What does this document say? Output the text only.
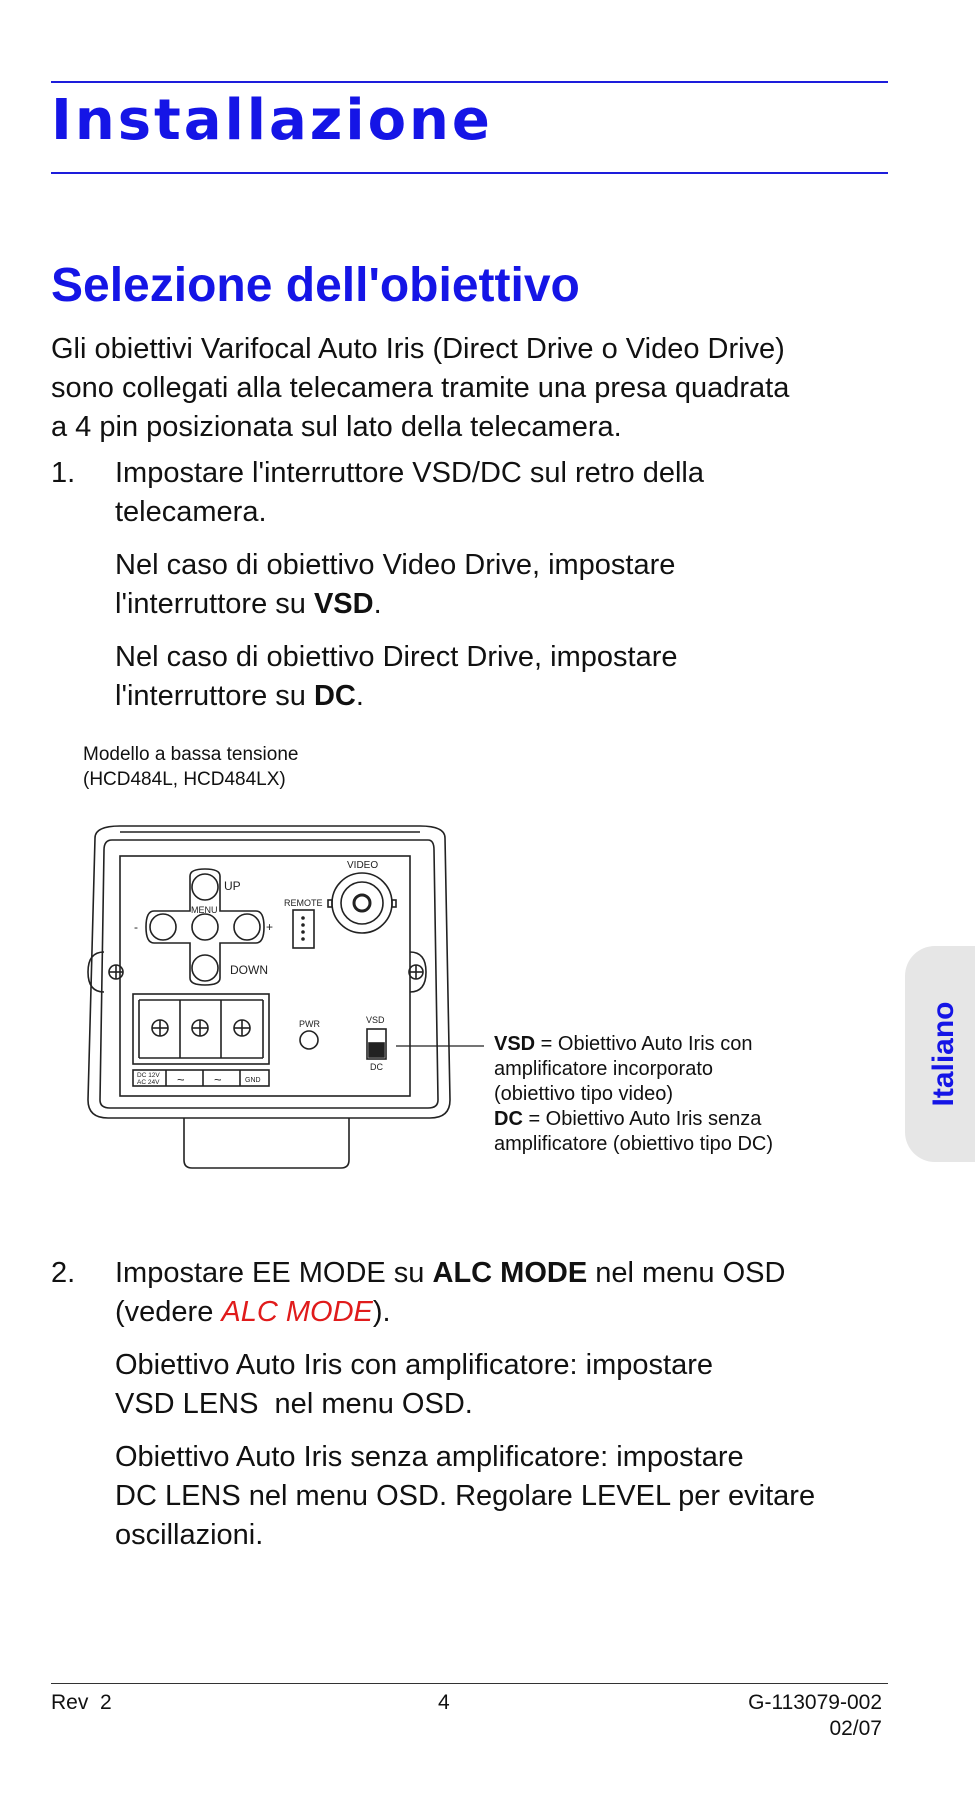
Installazione
Selezione dell'obiettivo
Gli obiettivi Varifocal Auto Iris (Direct Drive o Video Drive)
sono collegati alla telecamera tramite una presa quadrata
a 4 pin posizionata sul lato della telecamera.
1. Impostare l'interruttore VSD/DC sul retro della
telecamera.
Nel caso di obiettivo Video Drive, impostare
l'interruttore su VSD.
Nel caso di obiettivo Direct Drive, impostare
l'interruttore su DC.
Modello a bassa tensione
(HCD484L, HCD484LX)
UP
MENU
-	+
DOWN
REMOTE
VIDEO
PWR	VSD
DC
DC 12V
AC 24V ~ ~	GND
VSD = Obiettivo Auto Iris con
amplificatore incorporato
(obiettivo tipo video)
DC = Obiettivo Auto Iris senza
amplificatore (obiettivo tipo DC)
Italiano
2. Impostare EE MODE su ALC MODE nel menu OSD
(vedere ALC MODE).
Obiettivo Auto Iris con amplificatore: impostare
VSD LENS  nel menu OSD.
Obiettivo Auto Iris senza amplificatore: impostare
DC LENS nel menu OSD. Regolare LEVEL per evitare
oscillazioni.
Rev  2	4	G-113079-002
02/07
